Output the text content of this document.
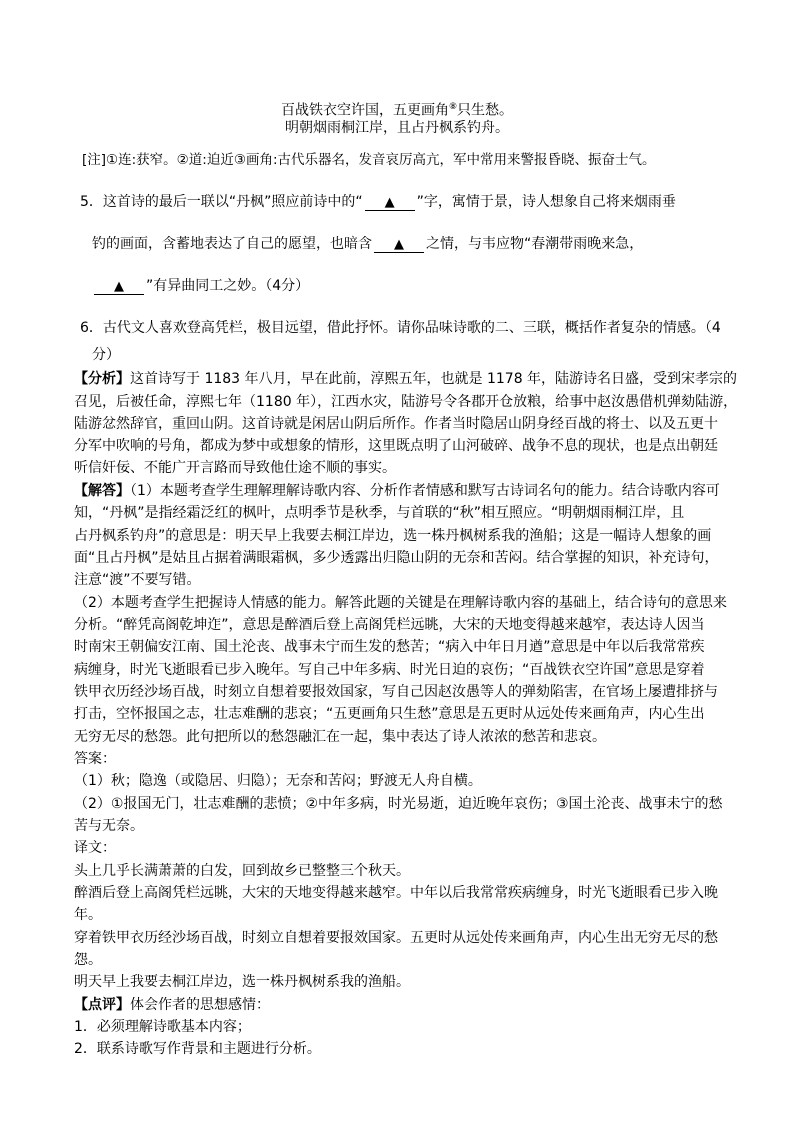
百战铁衣空许国，五更画角⑧只生愁。
明朝烟雨桐江岸，且占丹枫系钓舟。
[注]①连:获窄。②道:迫近③画角:古代乐器名，发音哀厉高亢，军中常用来警报昏晓、振奋士气。
5．这首诗的最后一联以“丹枫”照应前诗中的“ ▲ ”字，寓情于景，诗人想象自己将来烟雨垂
钓的画面，含蓄地表达了自己的愿望，也暗含 ▲ 之情，与韦应物“春潮带雨晚来急，
▲ ”有异曲同工之妙。（4分）
6．古代文人喜欢登高凭栏，极目远望，借此抒怀。请你品味诗歌的二、三联，概括作者复杂的情感。（4
分）
【分析】这首诗写于 1183 年八月，早在此前，淳熙五年，也就是 1178 年，陆游诗名日盛，受到宋孝宗的
召见，后被任命，淳熙七年（1180 年），江西水灾，陆游号令各郡开仓放粮，给事中赵汝愚借机弹劾陆游，
陆游忿然辞官，重回山阴。这首诗就是闲居山阴后所作。作者当时隐居山阴身经百战的将士、以及五更十
分军中吹响的号角，都成为梦中或想象的情形，这里既点明了山河破碎、战争不息的现状，也是点出朝廷
听信奸佞、不能广开言路而导致他仕途不顺的事实。
【解答】（1）本题考查学生理解理解诗歌内容、分析作者情感和默写古诗词名句的能力。结合诗歌内容可
知，“丹枫”是指经霜泛红的枫叶，点明季节是秋季，与首联的“秋”相互照应。“明朝烟雨桐江岸，且
占丹枫系钓舟”的意思是：明天早上我要去桐江岸边，选一株丹枫树系我的渔船；这是一幅诗人想象的画
面“且占丹枫”是姑且占据着满眼霜枫，多少透露出归隐山阴的无奈和苦闷。结合掌握的知识，补充诗句，
注意“渡”不要写错。
（2）本题考查学生把握诗人情感的能力。解答此题的关键是在理解诗歌内容的基础上，结合诗句的意思来
分析。“醉凭高阁乾坤迮”，意思是醉酒后登上高阁凭栏远眺，大宋的天地变得越来越窄，表达诗人因当
时南宋王朝偏安江南、国土沦丧、战事未宁而生发的愁苦；“病入中年日月遒”意思是中年以后我常常疾
病缠身，时光飞逝眼看已步入晚年。写自己中年多病、时光日迫的哀伤；“百战铁衣空许国”意思是穿着
铁甲衣历经沙场百战，时刻立自想着要报效国家，写自己因赵汝愚等人的弹劾陷害，在官场上屡遭排挤与
打击，空怀报国之志，壮志难酬的悲哀；“五更画角只生愁”意思是五更时从远处传来画角声，内心生出
无穷无尽的愁怨。此句把所以的愁怨融汇在一起，集中表达了诗人浓浓的愁苦和悲哀。
答案：
（1）秋；隐逸（或隐居、归隐）；无奈和苦闷；野渡无人舟自横。
（2）①报国无门，壮志难酬的悲愤；②中年多病，时光易逝，迫近晚年哀伤；③国土沦丧、战事未宁的愁
苦与无奈。
译文：
头上几乎长满萧萧的白发，回到故乡已整整三个秋天。
醉酒后登上高阁凭栏远眺，大宋的天地变得越来越窄。中年以后我常常疾病缠身，时光飞逝眼看已步入晚
年。
穿着铁甲衣历经沙场百战，时刻立自想着要报效国家。五更时从远处传来画角声，内心生出无穷无尽的愁
怨。
明天早上我要去桐江岸边，选一株丹枫树系我的渔船。
【点评】体会作者的思想感情：
1．必须理解诗歌基本内容；
2．联系诗歌写作背景和主题进行分析。
